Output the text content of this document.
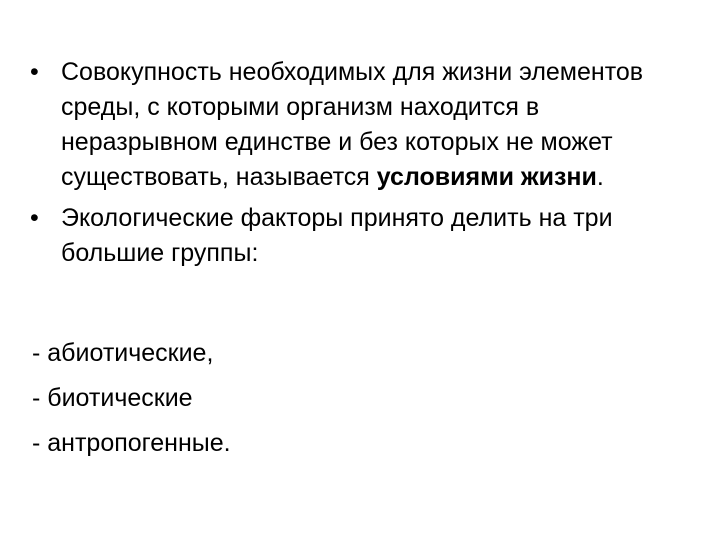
• Совокупность необходимых для жизни элементов среды, с которыми организм находится в неразрывном единстве и без которых не может существовать, называется условиями жизни.
• Экологические факторы принято делить на три большие группы:
- абиотические,
- биотические
- антропогенные.
